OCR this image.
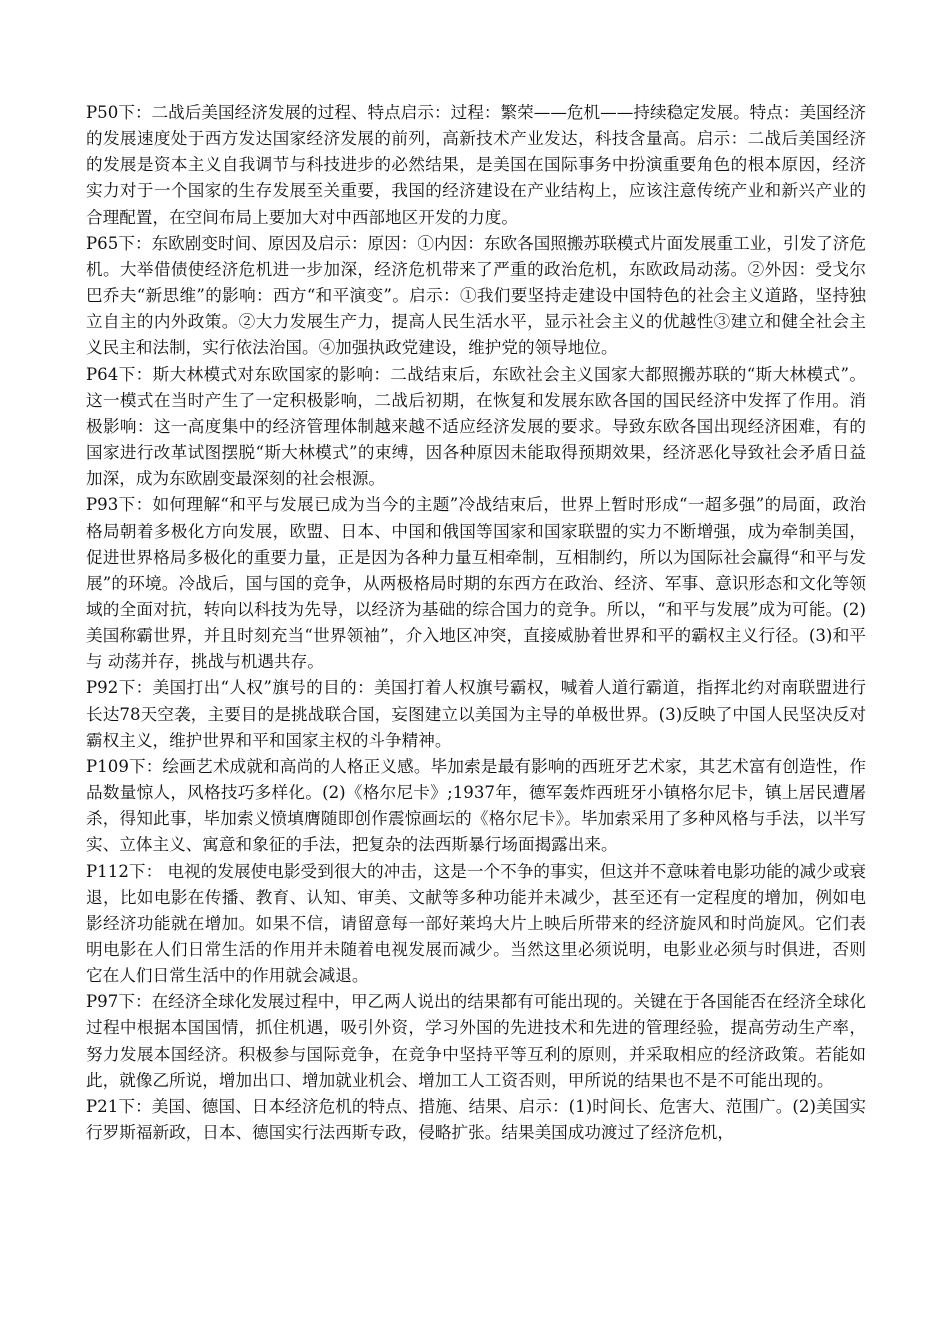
P50下：二战后美国经济发展的过程、特点启示：过程：繁荣——危机——持续稳定发展。特点：美国经济的发展速度处于西方发达国家经济发展的前列，高新技术产业发达，科技含量高。启示：二战后美国经济的发展是资本主义自我调节与科技进步的必然结果，是美国在国际事务中扮演重要角色的根本原因，经济实力对于一个国家的生存发展至关重要，我国的经济建设在产业结构上，应该注意传统产业和新兴产业的合理配置，在空间布局上要加大对中西部地区开发的力度。

P65下：东欧剧变时间、原因及启示：原因：①内因：东欧各国照搬苏联模式片面发展重工业，引发了济危机。大举借债使经济危机进一步加深，经济危机带来了严重的政治危机，东欧政局动荡。②外因：受戈尔巴乔夫“新思维”的影响：西方“和平演变”。启示：①我们要坚持走建设中国特色的社会主义道路，坚持独立自主的内外政策。②大力发展生产力，提高人民生活水平，显示社会主义的优越性③建立和健全社会主义民主和法制，实行依法治国。④加强执政党建设，维护党的领导地位。

P64下：斯大林模式对东欧国家的影响：二战结束后，东欧社会主义国家大都照搬苏联的“斯大林模式”。这一模式在当时产生了一定积极影响，二战后初期，在恢复和发展东欧各国的国民经济中发挥了作用。消极影响：这一高度集中的经济管理体制越来越不适应经济发展的要求。导致东欧各国出现经济困难，有的国家进行改革试图摆脱“斯大林模式”的束缚，因各种原因未能取得预期效果，经济恶化导致社会矛盾日益加深，成为东欧剧变最深刻的社会根源。

P93下：如何理解“和平与发展已成为当今的主题”冷战结束后，世界上暂时形成“一超多强”的局面，政治格局朝着多极化方向发展，欧盟、日本、中国和俄国等国家和国家联盟的实力不断增强，成为牵制美国，促进世界格局多极化的重要力量，正是因为各种力量互相牵制，互相制约，所以为国际社会赢得“和平与发展”的环境。冷战后，国与国的竞争，从两极格局时期的东西方在政治、经济、军事、意识形态和文化等领域的全面对抗，转向以科技为先导，以经济为基础的综合国力的竞争。所以，“和平与发展”成为可能。(2)美国称霸世界，并且时刻充当“世界领袖”，介入地区冲突，直接威胁着世界和平的霸权主义行径。(3)和平与 动荡并存，挑战与机遇共存。

P92下：美国打出“人权”旗号的目的：美国打着人权旗号霸权，喊着人道行霸道，指挥北约对南联盟进行长达78天空袭，主要目的是挑战联合国，妄图建立以美国为主导的单极世界。(3)反映了中国人民坚决反对霸权主义，维护世界和平和国家主权的斗争精神。

P109下：绘画艺术成就和高尚的人格正义感。毕加索是最有影响的西班牙艺术家，其艺术富有创造性，作品数量惊人，风格技巧多样化。(2)《格尔尼卡》;1937年，德军轰炸西班牙小镇格尔尼卡，镇上居民遭屠杀，得知此事，毕加索义愤填膺随即创作震惊画坛的《格尔尼卡》。毕加索采用了多种风格与手法，以半写实、立体主义、寓意和象征的手法，把复杂的法西斯暴行场面揭露出来。

P112下： 电视的发展使电影受到很大的冲击，这是一个不争的事实，但这并不意味着电影功能的减少或衰退，比如电影在传播、教育、认知、审美、文献等多种功能并未减少，甚至还有一定程度的增加，例如电影经济功能就在增加。如果不信，请留意每一部好莱坞大片上映后所带来的经济旋风和时尚旋风。它们表明电影在人们日常生活的作用并未随着电视发展而减少。当然这里必须说明，电影业必须与时俱进，否则它在人们日常生活中的作用就会减退。

P97下：在经济全球化发展过程中，甲乙两人说出的结果都有可能出现的。关键在于各国能否在经济全球化过程中根据本国国情，抓住机遇，吸引外资，学习外国的先进技术和先进的管理经验，提高劳动生产率，努力发展本国经济。积极参与国际竞争，在竞争中坚持平等互利的原则，并采取相应的经济政策。若能如此，就像乙所说，增加出口、增加就业机会、增加工人工资否则，甲所说的结果也不是不可能出现的。

P21下：美国、德国、日本经济危机的特点、措施、结果、启示：(1)时间长、危害大、范围广。(2)美国实行罗斯福新政，日本、德国实行法西斯专政，侵略扩张。结果美国成功渡过了经济危机，
